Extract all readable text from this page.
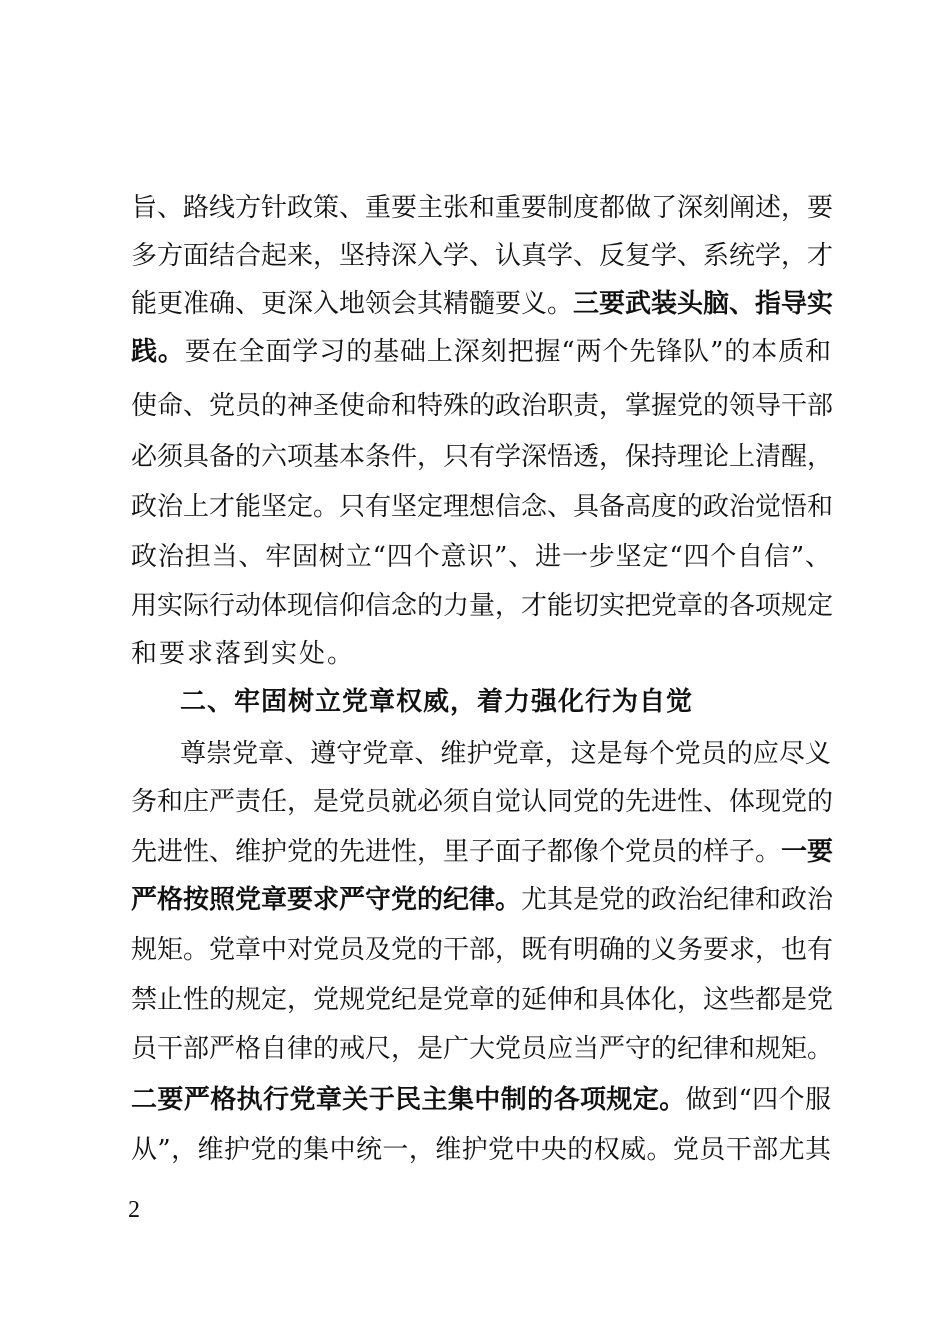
旨、路线方针政策、重要主张和重要制度都做了深刻阐述，要
多方面结合起来，坚持深入学、认真学、反复学、系统学，才
能更准确、更深入地领会其精髓要义。三要武装头脑、指导实
践。要在全面学习的基础上深刻把握“两个先锋队”的本质和
使命、党员的神圣使命和特殊的政治职责，掌握党的领导干部
必须具备的六项基本条件，只有学深悟透，保持理论上清醒，
政治上才能坚定。只有坚定理想信念、具备高度的政治觉悟和
政治担当、牢固树立“四个意识”、进一步坚定“四个自信”、
用实际行动体现信仰信念的力量，才能切实把党章的各项规定
和要求落到实处。
二、牢固树立党章权威，着力强化行为自觉
尊崇党章、遵守党章、维护党章，这是每个党员的应尽义
务和庄严责任，是党员就必须自觉认同党的先进性、体现党的
先进性、维护党的先进性，里子面子都像个党员的样子。一要
严格按照党章要求严守党的纪律。尤其是党的政治纪律和政治
规矩。党章中对党员及党的干部，既有明确的义务要求，也有
禁止性的规定，党规党纪是党章的延伸和具体化，这些都是党
员干部严格自律的戒尺，是广大党员应当严守的纪律和规矩。
二要严格执行党章关于民主集中制的各项规定。做到“四个服
从”，维护党的集中统一，维护党中央的权威。党员干部尤其
2
